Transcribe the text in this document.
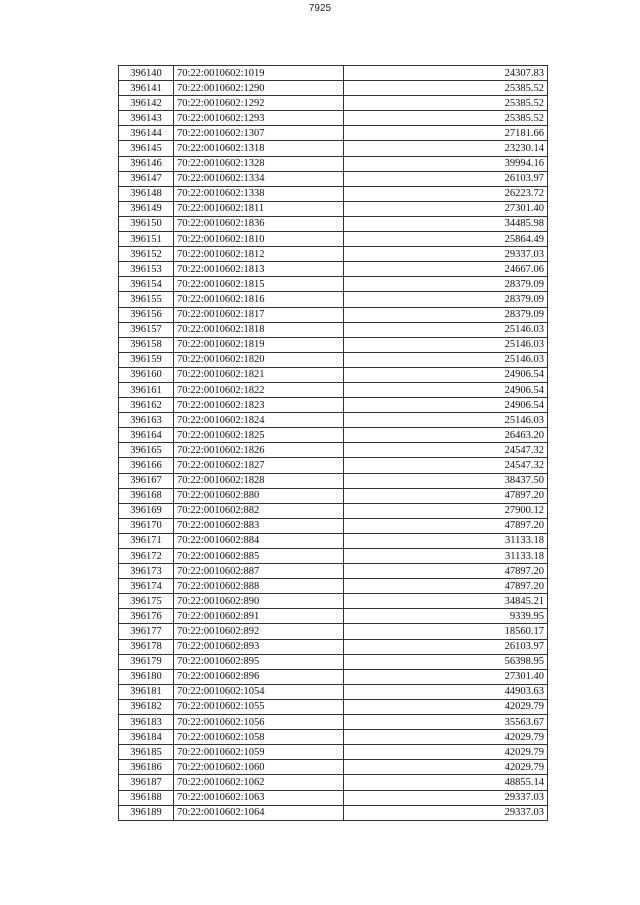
7925
396140	70:22:0010602:1019	24307.83
396141	70:22:0010602:1290	25385.52
396142	70:22:0010602:1292	25385.52
396143	70:22:0010602:1293	25385.52
396144	70:22:0010602:1307	27181.66
396145	70:22:0010602:1318	23230.14
396146	70:22:0010602:1328	39994.16
396147	70:22:0010602:1334	26103.97
396148	70:22:0010602:1338	26223.72
396149	70:22:0010602:1811	27301.40
396150	70:22:0010602:1836	34485.98
396151	70:22:0010602:1810	25864.49
396152	70:22:0010602:1812	29337.03
396153	70:22:0010602:1813	24667.06
396154	70:22:0010602:1815	28379.09
396155	70:22:0010602:1816	28379.09
396156	70:22:0010602:1817	28379.09
396157	70:22:0010602:1818	25146.03
396158	70:22:0010602:1819	25146.03
396159	70:22:0010602:1820	25146.03
396160	70:22:0010602:1821	24906.54
396161	70:22:0010602:1822	24906.54
396162	70:22:0010602:1823	24906.54
396163	70:22:0010602:1824	25146.03
396164	70:22:0010602:1825	26463.20
396165	70:22:0010602:1826	24547.32
396166	70:22:0010602:1827	24547.32
396167	70:22:0010602:1828	38437.50
396168	70:22:0010602:880	47897.20
396169	70:22:0010602:882	27900.12
396170	70:22:0010602:883	47897.20
396171	70:22:0010602:884	31133.18
396172	70:22:0010602:885	31133.18
396173	70:22:0010602:887	47897.20
396174	70:22:0010602:888	47897.20
396175	70:22:0010602:890	34845.21
396176	70:22:0010602:891	9339.95
396177	70:22:0010602:892	18560.17
396178	70:22:0010602:893	26103.97
396179	70:22:0010602:895	56398.95
396180	70:22:0010602:896	27301.40
396181	70:22:0010602:1054	44903.63
396182	70:22:0010602:1055	42029.79
396183	70:22:0010602:1056	35563.67
396184	70:22:0010602:1058	42029.79
396185	70:22:0010602:1059	42029.79
396186	70:22:0010602:1060	42029.79
396187	70:22:0010602:1062	48855.14
396188	70:22:0010602:1063	29337.03
396189	70:22:0010602:1064	29337.03
